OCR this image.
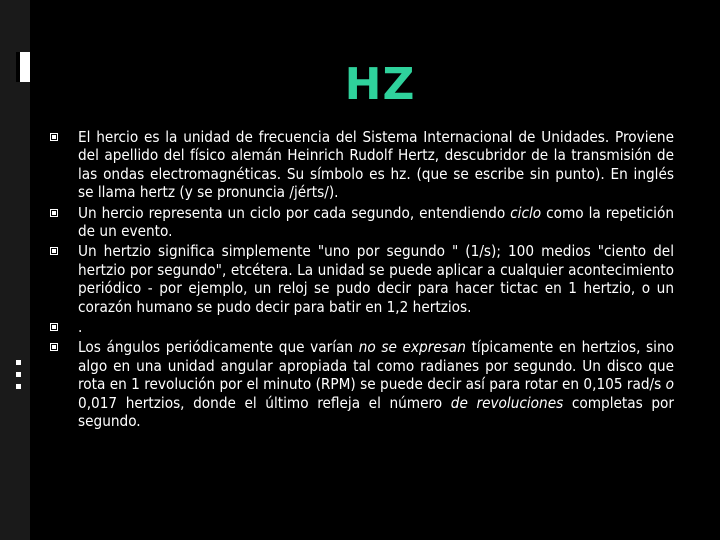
HZ
El hercio es la unidad de frecuencia del Sistema Internacional de Unidades. Proviene del apellido del físico alemán Heinrich Rudolf Hertz, descubridor de la transmisión de las ondas electromagnéticas. Su símbolo es hz. (que se escribe sin punto). En inglés se llama hertz (y se pronuncia /jérts/).
Un hercio representa un ciclo por cada segundo, entendiendo ciclo como la repetición de un evento.
Un hertzio significa simplemente "uno por segundo " (1/s); 100 medios "ciento del hertzio por segundo", etcétera. La unidad se puede aplicar a cualquier acontecimiento periódico - por ejemplo, un reloj se pudo decir para hacer tictac en 1 hertzio, o un corazón humano se pudo decir para batir en 1,2 hertzios.
.
Los ángulos periódicamente que varían no se expresan típicamente en hertzios, sino algo en una unidad angular apropiada tal como radianes por segundo. Un disco que rota en 1 revolución por el minuto (RPM) se puede decir así para rotar en 0,105 rad/s o 0,017 hertzios, donde el último refleja el número de revoluciones completas por segundo.
